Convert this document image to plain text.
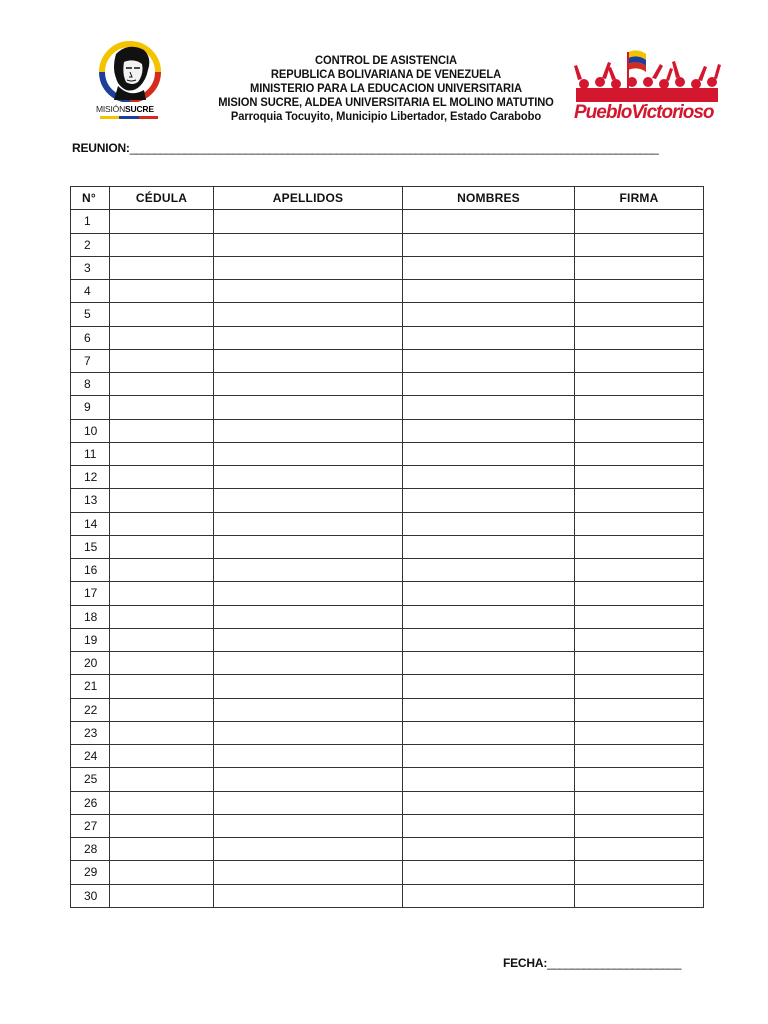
MISIÓNSUCRE
CONTROL DE ASISTENCIA
REPUBLICA BOLIVARIANA DE VENEZUELA
MINISTERIO PARA LA EDUCACION UNIVERSITARIA
MISION SUCRE, ALDEA UNIVERSITARIA EL MOLINO MATUTINO
Parroquia Tocuyito, Municipio Libertador, Estado Carabobo	PuebloVictorioso
REUNION:_______________________________________________________________________________________
N°	CÉDULA	APELLIDOS	NOMBRES	FIRMA
1				
2				
3				
4				
5				
6				
7				
8				
9				
10				
11				
12				
13				
14				
15				
16				
17				
18				
19				
20				
21				
22				
23				
24				
25				
26				
27				
28				
29				
30				
FECHA:______________________
